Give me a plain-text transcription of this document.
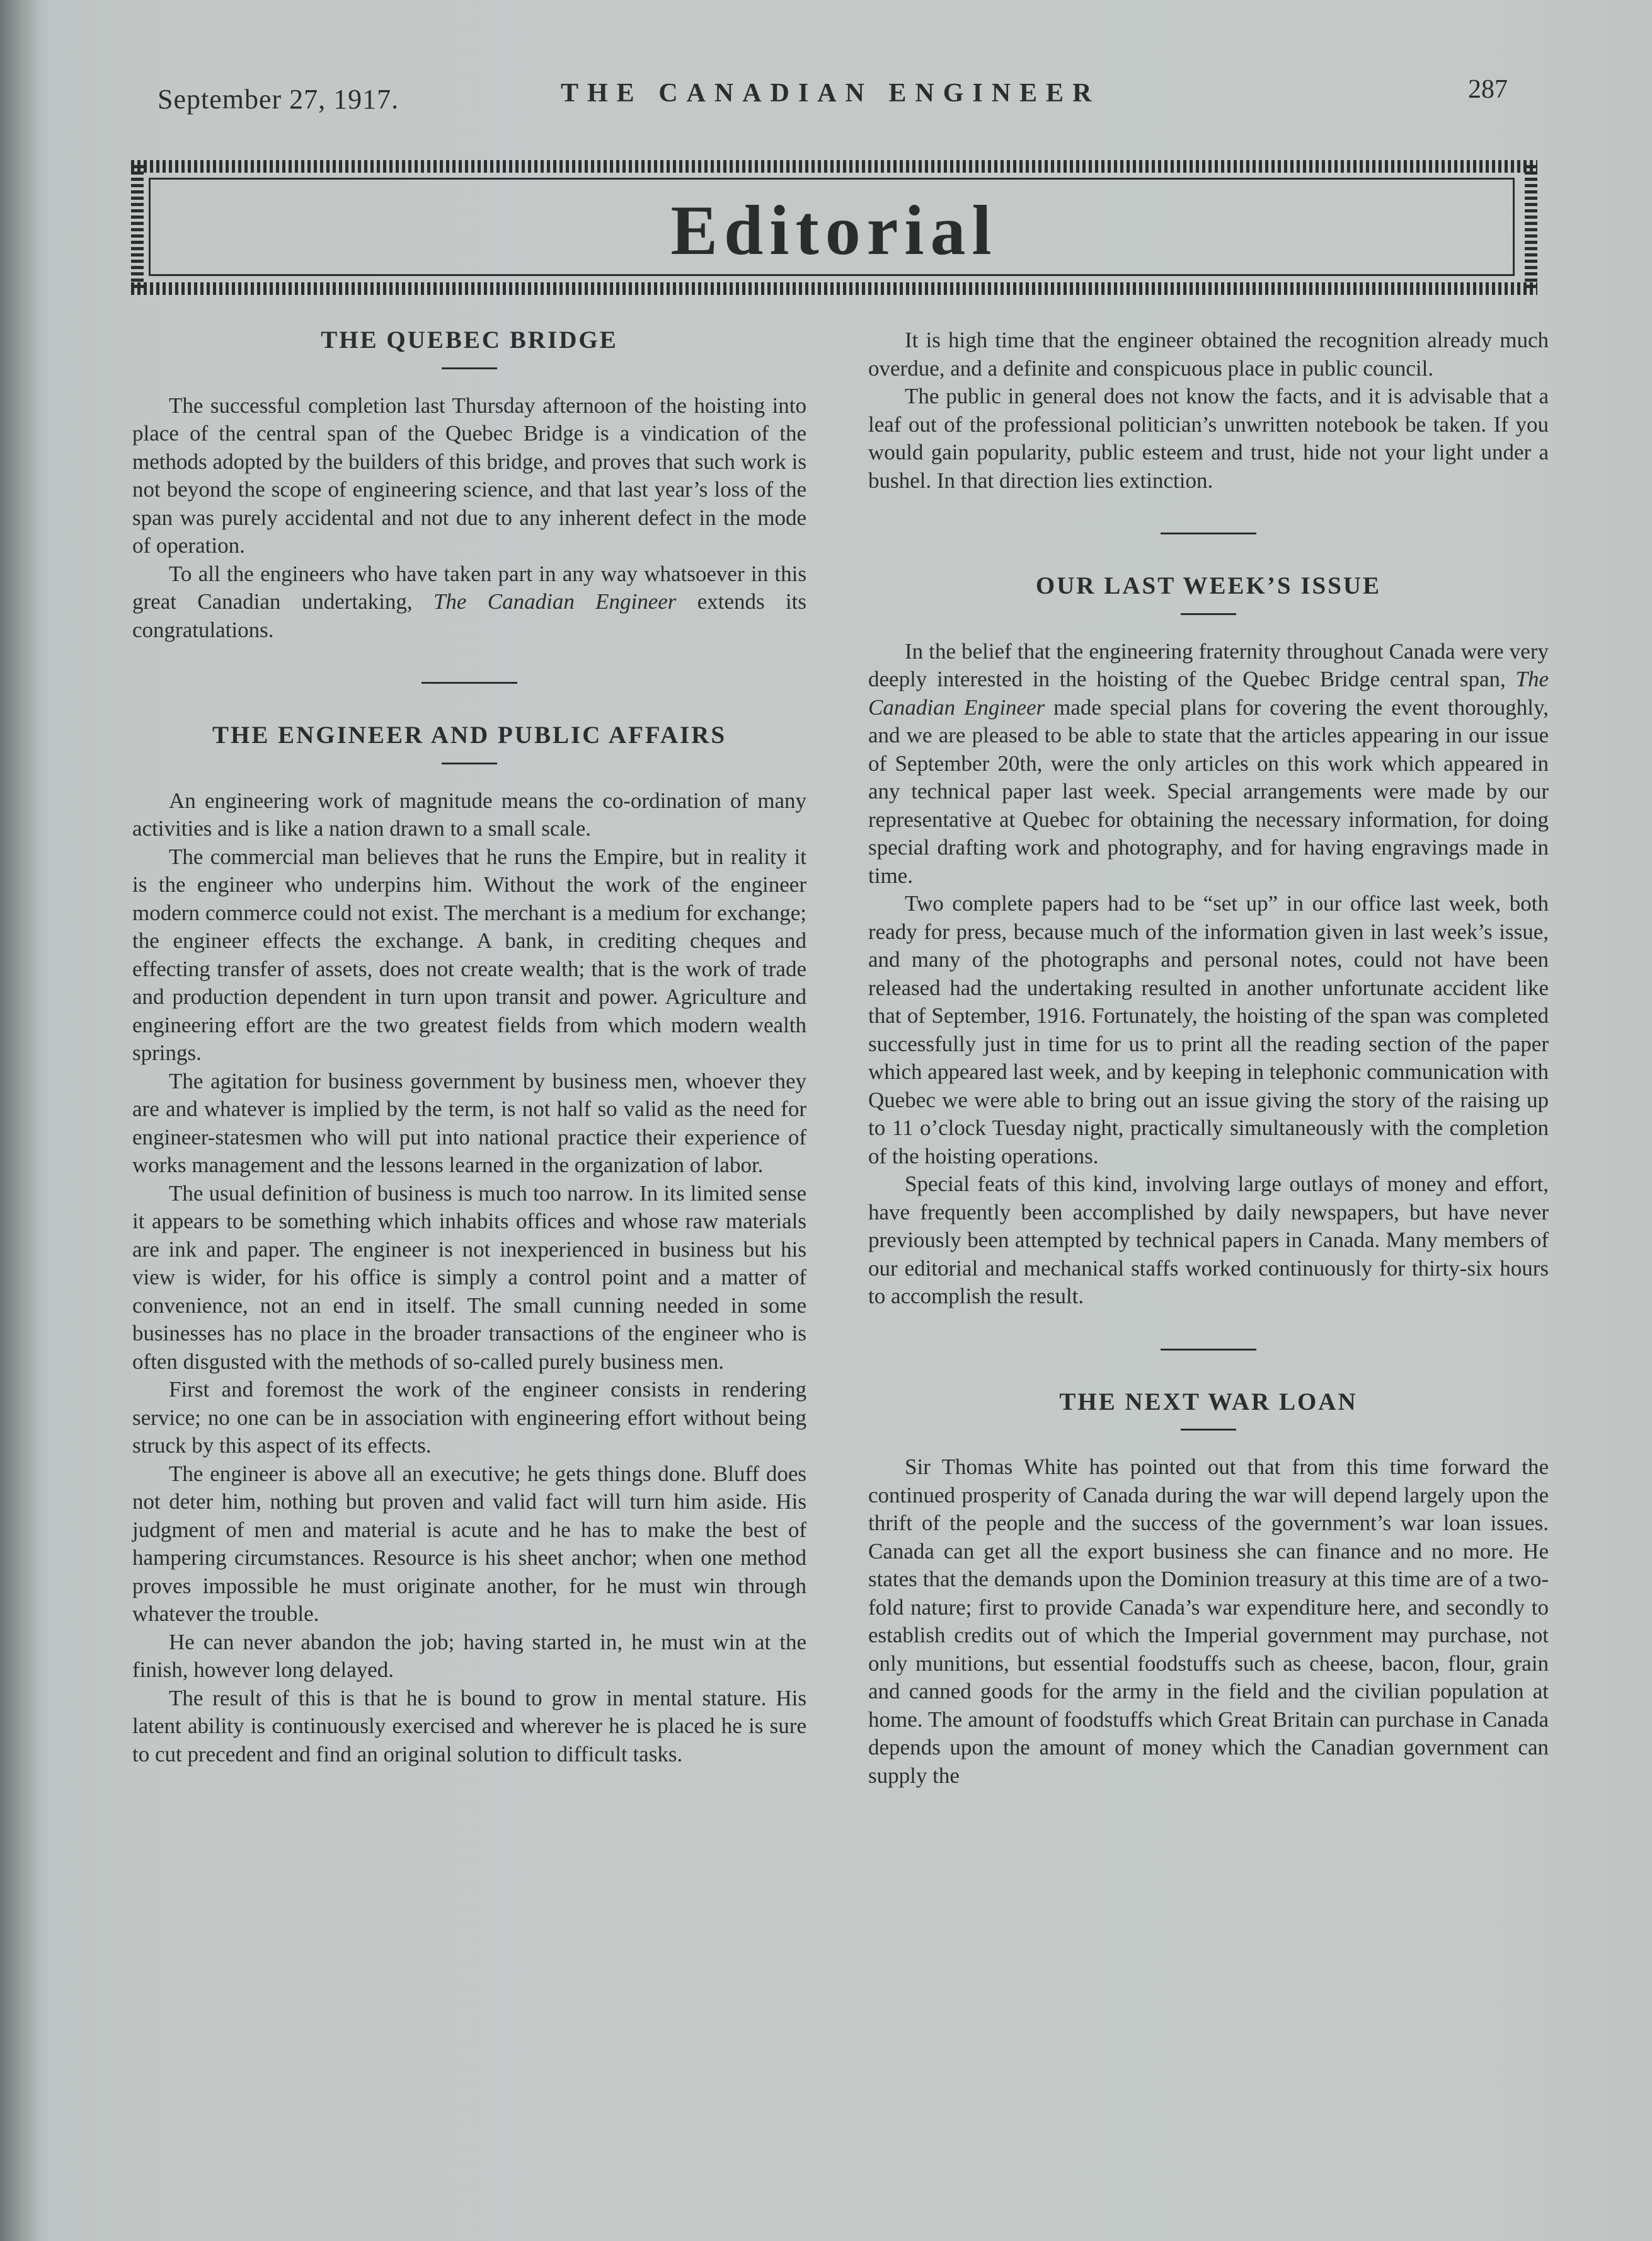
September 27, 1917.	THE CANADIAN ENGINEER	287
Editorial
THE QUEBEC BRIDGE

The successful completion last Thursday afternoon of the hoisting into place of the central span of the Quebec Bridge is a vindication of the methods adopted by the builders of this bridge, and proves that such work is not beyond the scope of engineering science, and that last year’s loss of the span was purely accidental and not due to any inherent defect in the mode of operation.

To all the engineers who have taken part in any way whatsoever in this great Canadian undertaking, The Canadian Engineer extends its congratulations.

THE ENGINEER AND PUBLIC AFFAIRS

An engineering work of magnitude means the co-ordination of many activities and is like a nation drawn to a small scale.

The commercial man believes that he runs the Empire, but in reality it is the engineer who underpins him. Without the work of the engineer modern commerce could not exist. The merchant is a medium for exchange; the engineer effects the exchange. A bank, in crediting cheques and effecting transfer of assets, does not create wealth; that is the work of trade and production dependent in turn upon transit and power. Agriculture and engineering effort are the two greatest fields from which modern wealth springs.

The agitation for business government by business men, whoever they are and whatever is implied by the term, is not half so valid as the need for engineer-statesmen who will put into national practice their experience of works management and the lessons learned in the organization of labor.

The usual definition of business is much too narrow. In its limited sense it appears to be something which inhabits offices and whose raw materials are ink and paper. The engineer is not inexperienced in business but his view is wider, for his office is simply a control point and a matter of convenience, not an end in itself. The small cunning needed in some businesses has no place in the broader transactions of the engineer who is often disgusted with the methods of so-called purely business men.

First and foremost the work of the engineer consists in rendering service; no one can be in association with engineering effort without being struck by this aspect of its effects.

The engineer is above all an executive; he gets things done. Bluff does not deter him, nothing but proven and valid fact will turn him aside. His judgment of men and material is acute and he has to make the best of hampering circumstances. Resource is his sheet anchor; when one method proves impossible he must originate another, for he must win through whatever the trouble.

He can never abandon the job; having started in, he must win at the finish, however long delayed.

The result of this is that he is bound to grow in mental stature. His latent ability is continuously exercised and wherever he is placed he is sure to cut precedent and find an original solution to difficult tasks.

It is high time that the engineer obtained the recognition already much overdue, and a definite and conspicuous place in public council.

The public in general does not know the facts, and it is advisable that a leaf out of the professional politician’s unwritten notebook be taken. If you would gain popularity, public esteem and trust, hide not your light under a bushel. In that direction lies extinction.

OUR LAST WEEK’S ISSUE

In the belief that the engineering fraternity throughout Canada were very deeply interested in the hoisting of the Quebec Bridge central span, The Canadian Engineer made special plans for covering the event thoroughly, and we are pleased to be able to state that the articles appearing in our issue of September 20th, were the only articles on this work which appeared in any technical paper last week. Special arrangements were made by our representative at Quebec for obtaining the necessary information, for doing special drafting work and photography, and for having engravings made in time.

Two complete papers had to be “set up” in our office last week, both ready for press, because much of the information given in last week’s issue, and many of the photographs and personal notes, could not have been released had the undertaking resulted in another unfortunate accident like that of September, 1916. Fortunately, the hoisting of the span was completed successfully just in time for us to print all the reading section of the paper which appeared last week, and by keeping in telephonic communication with Quebec we were able to bring out an issue giving the story of the raising up to 11 o’clock Tuesday night, practically simultaneously with the completion of the hoisting operations.

Special feats of this kind, involving large outlays of money and effort, have frequently been accomplished by daily newspapers, but have never previously been attempted by technical papers in Canada. Many members of our editorial and mechanical staffs worked continuously for thirty-six hours to accomplish the result.

THE NEXT WAR LOAN

Sir Thomas White has pointed out that from this time forward the continued prosperity of Canada during the war will depend largely upon the thrift of the people and the success of the government’s war loan issues. Canada can get all the export business she can finance and no more. He states that the demands upon the Dominion treasury at this time are of a two-fold nature; first to provide Canada’s war expenditure here, and secondly to establish credits out of which the Imperial government may purchase, not only munitions, but essential foodstuffs such as cheese, bacon, flour, grain and canned goods for the army in the field and the civilian population at home. The amount of foodstuffs which Great Britain can purchase in Canada depends upon the amount of money which the Canadian government can supply the
